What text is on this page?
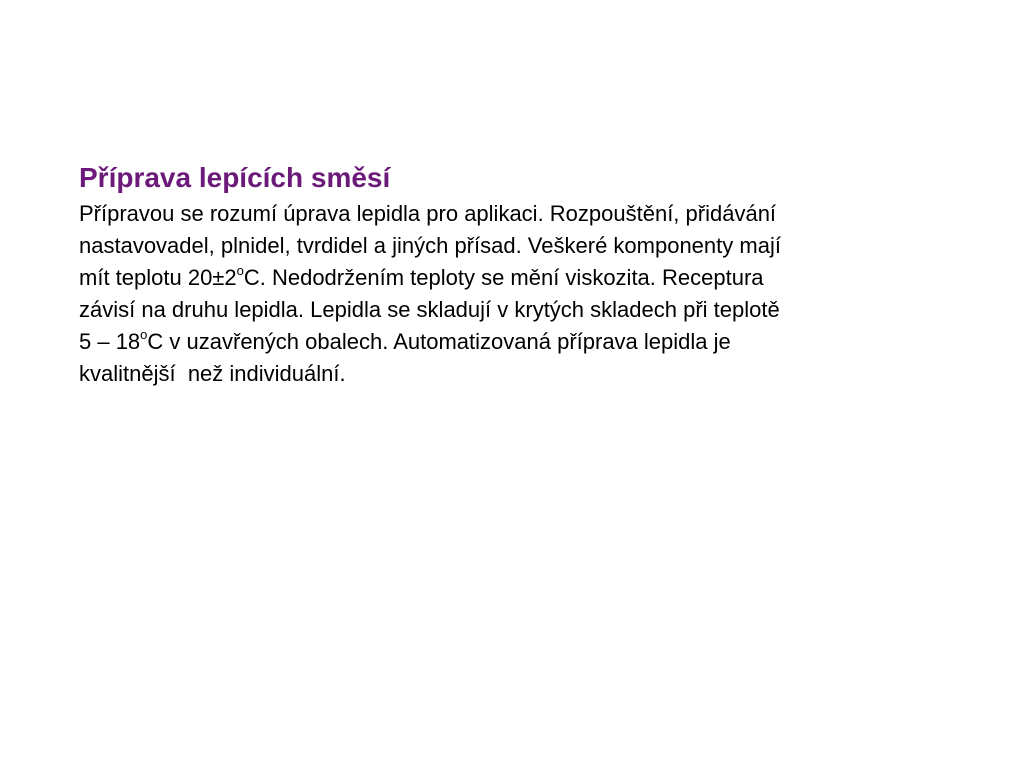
Příprava lepících směsí

Přípravou se rozumí úprava lepidla pro aplikaci. Rozpouštění, přidávání
nastavovadel, plnidel, tvrdidel a jiných přísad. Veškeré komponenty mají
mít teplotu $20\pm 2^oC$. Nedodržením teploty se mění viskozita. Receptura
závisí na druhu lepidla. Lepidla se skladují v krytých skladech při teplotě
5 – 18$^o$C v uzavřených obalech. Automatizovaná příprava lepidla je
kvalitnější  než individuální.
